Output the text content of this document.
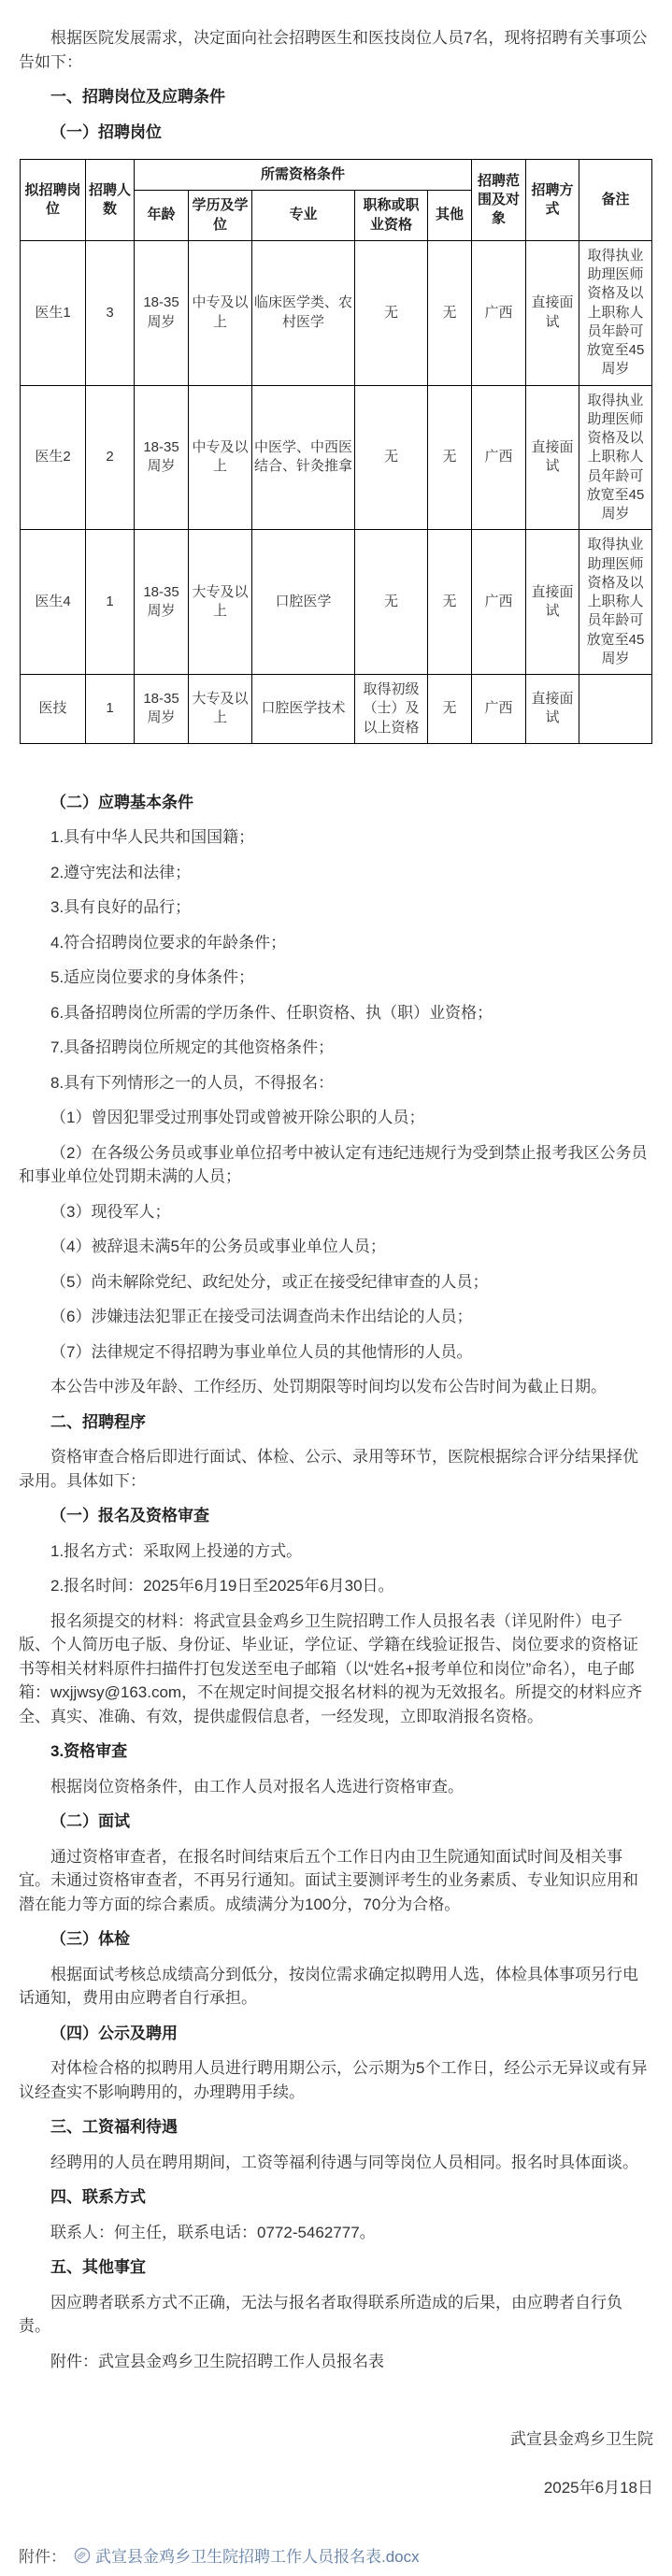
根据医院发展需求，决定面向社会招聘医生和医技岗位人员7名，现将招聘有关事项公告如下：

一、招聘岗位及应聘条件

（一）招聘岗位

拟招聘岗位	招聘人数	所需资格条件					招聘范围及对象	招聘方式	备注
		年龄	学历及学位	专业	职称或职业资格	其他			
医生1	3	18-35周岁	中专及以上	临床医学类、农村医学	无	无	广西	直接面试	取得执业助理医师资格及以上职称人员年龄可放宽至45周岁
医生2	2	18-35周岁	中专及以上	中医学、中西医结合、针灸推拿	无	无	广西	直接面试	取得执业助理医师资格及以上职称人员年龄可放宽至45周岁
医生4	1	18-35周岁	大专及以上	口腔医学	无	无	广西	直接面试	取得执业助理医师资格及以上职称人员年龄可放宽至45周岁
医技	1	18-35周岁	大专及以上	口腔医学技术	取得初级（士）及以上资格	无	广西	直接面试	

（二）应聘基本条件

1.具有中华人民共和国国籍；

2.遵守宪法和法律；

3.具有良好的品行；

4.符合招聘岗位要求的年龄条件；

5.适应岗位要求的身体条件；

6.具备招聘岗位所需的学历条件、任职资格、执（职）业资格；

7.具备招聘岗位所规定的其他资格条件；

8.具有下列情形之一的人员，不得报名：

（1）曾因犯罪受过刑事处罚或曾被开除公职的人员；

（2）在各级公务员或事业单位招考中被认定有违纪违规行为受到禁止报考我区公务员和事业单位处罚期未满的人员；

（3）现役军人；

（4）被辞退未满5年的公务员或事业单位人员；

（5）尚未解除党纪、政纪处分，或正在接受纪律审查的人员；

（6）涉嫌违法犯罪正在接受司法调查尚未作出结论的人员；

（7）法律规定不得招聘为事业单位人员的其他情形的人员。

本公告中涉及年龄、工作经历、处罚期限等时间均以发布公告时间为截止日期。

二、招聘程序

资格审查合格后即进行面试、体检、公示、录用等环节，医院根据综合评分结果择优录用。具体如下：

（一）报名及资格审查

1.报名方式：采取网上投递的方式。

2.报名时间：2025年6月19日至2025年6月30日。

报名须提交的材料：将武宣县金鸡乡卫生院招聘工作人员报名表（详见附件）电子版、个人简历电子版、身份证、毕业证，学位证、学籍在线验证报告、岗位要求的资格证书等相关材料原件扫描件打包发送至电子邮箱（以“姓名+报考单位和岗位”命名），电子邮箱：wxjjwsy@163.com，不在规定时间提交报名材料的视为无效报名。所提交的材料应齐全、真实、准确、有效，提供虚假信息者，一经发现，立即取消报名资格。

3.资格审查

根据岗位资格条件，由工作人员对报名人选进行资格审查。

（二）面试

通过资格审查者，在报名时间结束后五个工作日内由卫生院通知面试时间及相关事宜。未通过资格审查者，不再另行通知。面试主要测评考生的业务素质、专业知识应用和潜在能力等方面的综合素质。成绩满分为100分，70分为合格。

（三）体检

根据面试考核总成绩高分到低分，按岗位需求确定拟聘用人选，体检具体事项另行电话通知，费用由应聘者自行承担。

（四）公示及聘用

对体检合格的拟聘用人员进行聘用期公示，公示期为5个工作日，经公示无异议或有异议经查实不影响聘用的，办理聘用手续。

三、工资福利待遇

经聘用的人员在聘用期间，工资等福利待遇与同等岗位人员相同。报名时具体面谈。

四、联系方式

联系人：何主任，联系电话：0772-5462777。

五、其他事宜

因应聘者联系方式不正确，无法与报名者取得联系所造成的后果，由应聘者自行负责。

附件：武宣县金鸡乡卫生院招聘工作人员报名表

武宣县金鸡乡卫生院

2025年6月18日

附件： 武宣县金鸡乡卫生院招聘工作人员报名表.docx
